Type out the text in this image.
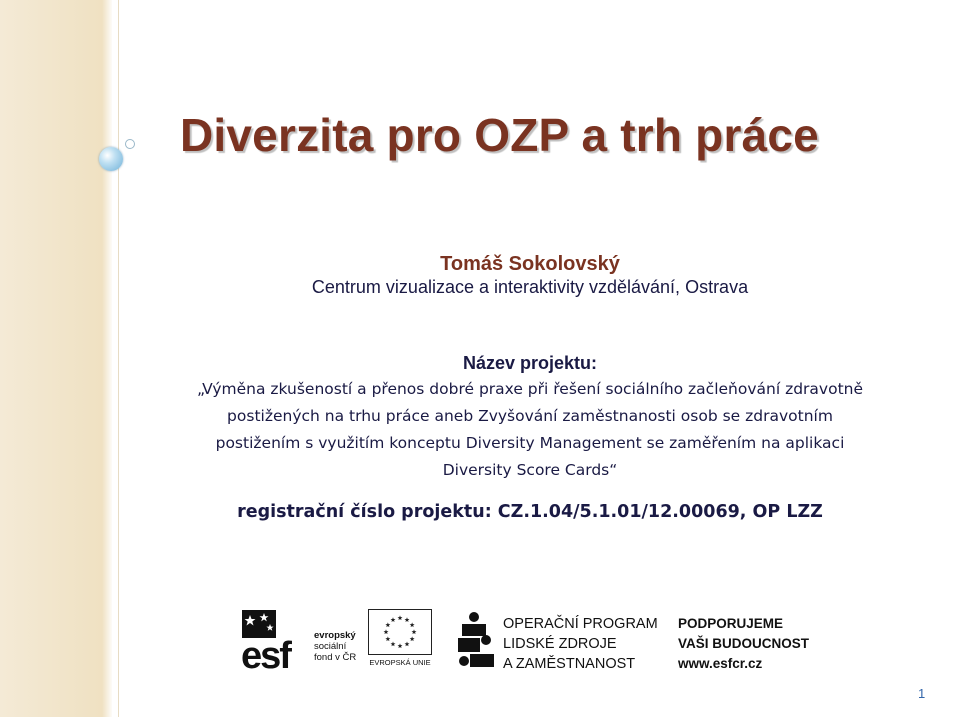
Diverzita pro OZP a trh práce
Tomáš Sokolovský
Centrum vizualizace a interaktivity vzdělávání, Ostrava
Název projektu:
„Výměna zkušeností a přenos dobré praxe při řešení sociálního začleňování zdravotně
postižených na trhu práce aneb Zvyšování zaměstnanosti osob se zdravotním
postižením s využitím konceptu Diversity Management se zaměřením na aplikaci
Diversity Score Cards“
registrační číslo projektu: CZ.1.04/5.1.01/12.00069, OP LZZ
esf	evropský
sociální
fond v ČR	EVROPSKÁ UNIE
OPERAČNÍ PROGRAM
LIDSKÉ ZDROJE
A ZAMĚSTNANOST
PODPORUJEME
VAŠI BUDOUCNOST
www.esfcr.cz
1
